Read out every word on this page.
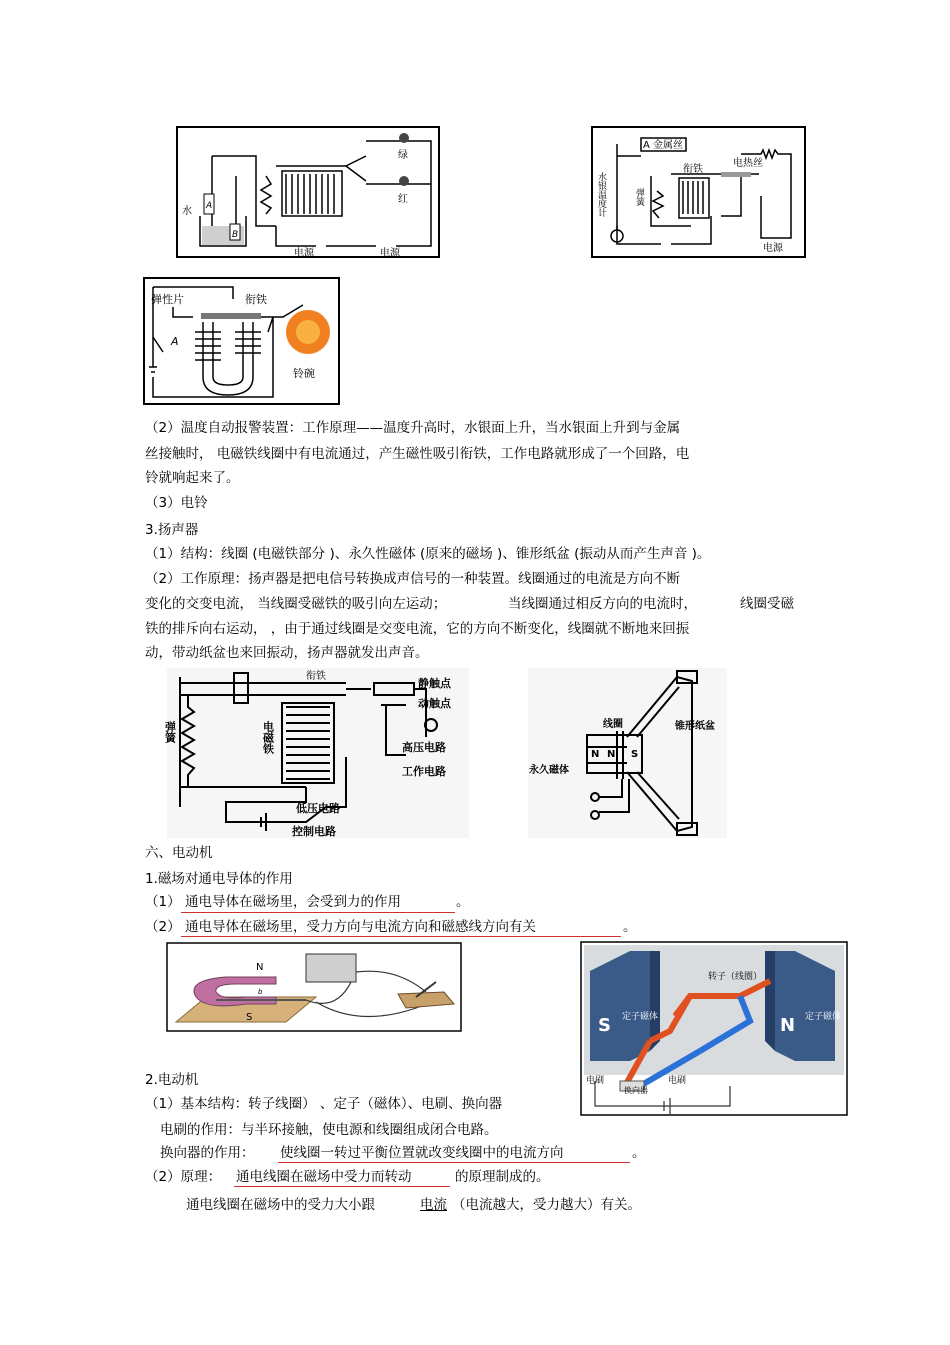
水 A
B
绿
红
电源	电源
水银温度计
A 金属丝
衔铁
弹簧
电热丝
电源
弹性片	衔铁
A
铃碗
（2）温度自动报警装置：工作原理——温度升高时，水银面上升，当水银面上升到与金属
丝接触时， 电磁铁线圈中有电流通过，产生磁性吸引衔铁，工作电路就形成了一个回路，电
铃就响起来了。
（3）电铃
3.扬声器
（1）结构：线圈 (电磁铁部分 )、永久性磁体 (原来的磁场 )、锥形纸盆 (振动从而产生声音 )。
（2）工作原理：扬声器是把电信号转换成声信号的一种装置。线圈通过的电流是方向不断
变化的交变电流， 当线圈受磁铁的吸引向左运动；	当线圈通过相反方向的电流时，	线圈受磁
铁的排斥向右运动， ，由于通过线圈是交变电流，它的方向不断变化，线圈就不断地来回振
动，带动纸盆也来回振动，扬声器就发出声音。
衔铁
静触点
动触点
弹簧	电磁铁	高压电路
工作电路
低压电路
控制电路
N N S
线圈	锥形纸盆
永久磁体
六、电动机
1.磁场对通电导体的作用
（1） 通电导体在磁场里，会受到力的作用	。
（2） 通电导体在磁场里，受力方向与电流方向和磁感线方向有关	。
N
S
b
转子（线圈）
定子磁体	定子磁体
S	N
电刷	电刷
换向器
2.电动机
（1）基本结构：转子线圈） 、定子（磁体）、电刷、换向器
电刷的作用：与半环接触，使电源和线圈组成闭合电路。
换向器的作用： 使线圈一转过平衡位置就改变线圈中的电流方向	。
（2）原理： 通电线圈在磁场中受力而转动	的原理制成的。
通电线圈在磁场中的受力大小跟	电流 （电流越大，受力越大）有关。
